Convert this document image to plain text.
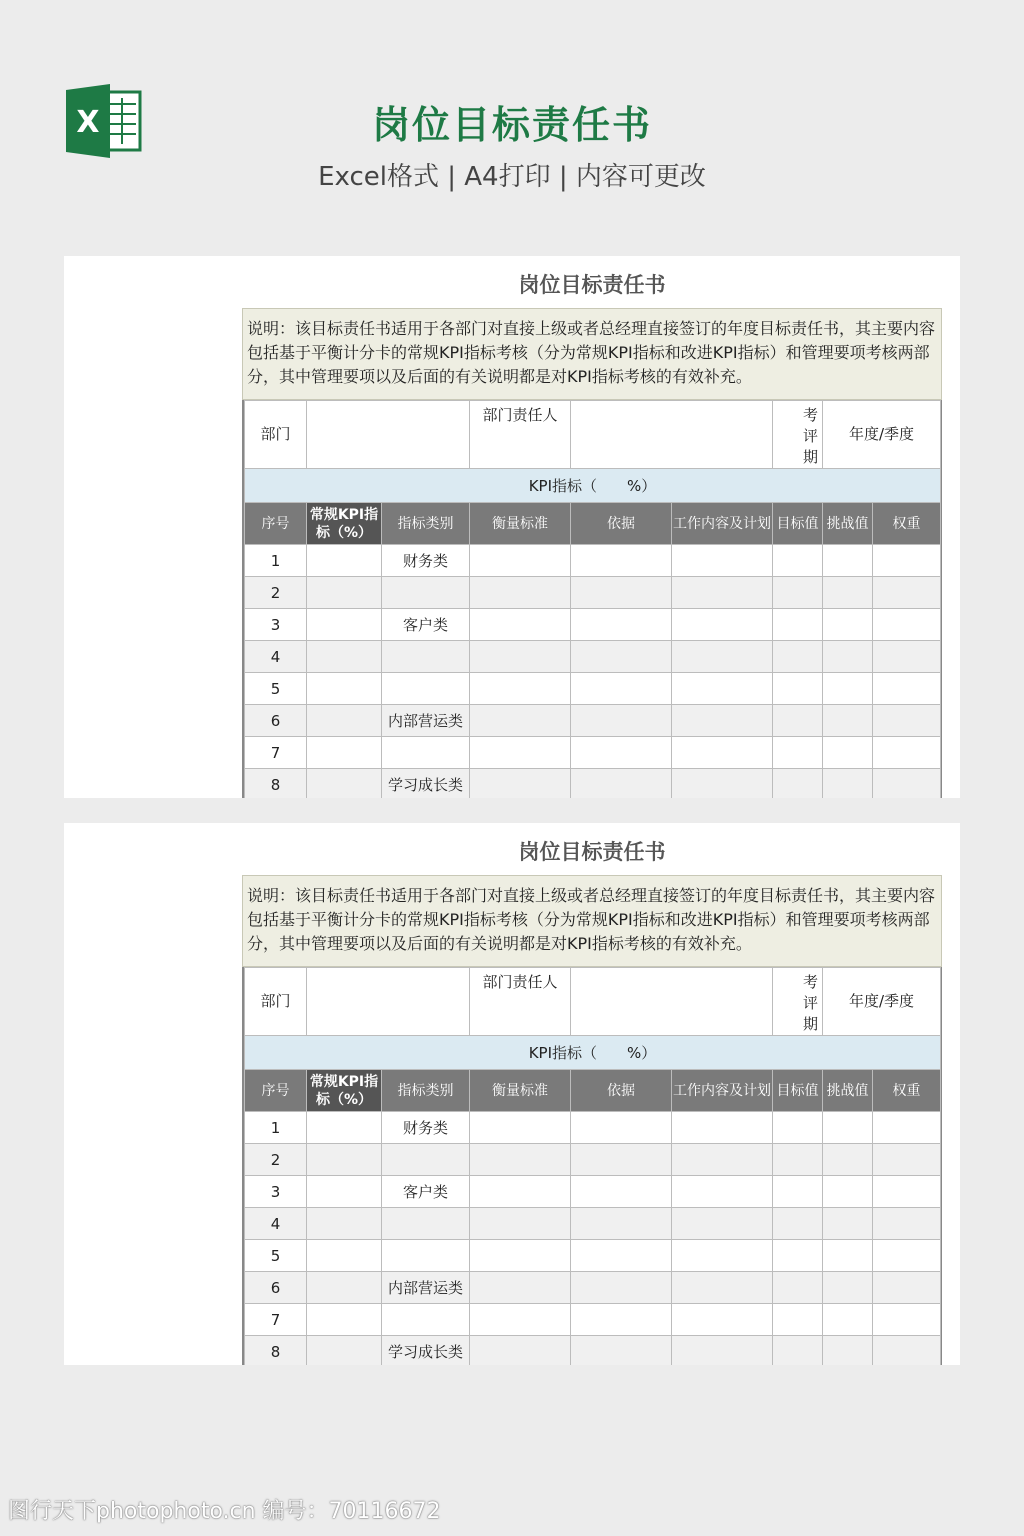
X	岗位目标责任书
Excel格式 | A4打印 | 内容可更改
岗位目标责任书
说明：该目标责任书适用于各部门对直接上级或者总经理直接签订的年度目标责任书，其主要内容包括基于平衡计分卡的常规KPI指标考核（分为常规KPI指标和改进KPI指标）和管理要项考核两部分，其中管理要项以及后面的有关说明都是对KPI指标考核的有效补充。
部门			部门责任人			考评期	年度/季度	
KPI指标（　　%）								
序号	常规KPI指标（%）	指标类别	衡量标准	依据	工作内容及计划	目标值	挑战值	权重
1		财务类						
2								
3		客户类						
4								
5								
6		内部营运类						
7								
8		学习成长类						
岗位目标责任书
说明：该目标责任书适用于各部门对直接上级或者总经理直接签订的年度目标责任书，其主要内容包括基于平衡计分卡的常规KPI指标考核（分为常规KPI指标和改进KPI指标）和管理要项考核两部分，其中管理要项以及后面的有关说明都是对KPI指标考核的有效补充。
部门			部门责任人			考评期	年度/季度	
KPI指标（　　%）								
序号	常规KPI指标（%）	指标类别	衡量标准	依据	工作内容及计划	目标值	挑战值	权重
1		财务类						
2								
3		客户类						
4								
5								
6		内部营运类						
7								
8		学习成长类						
图行天下photophoto.cn 编号：70116672
